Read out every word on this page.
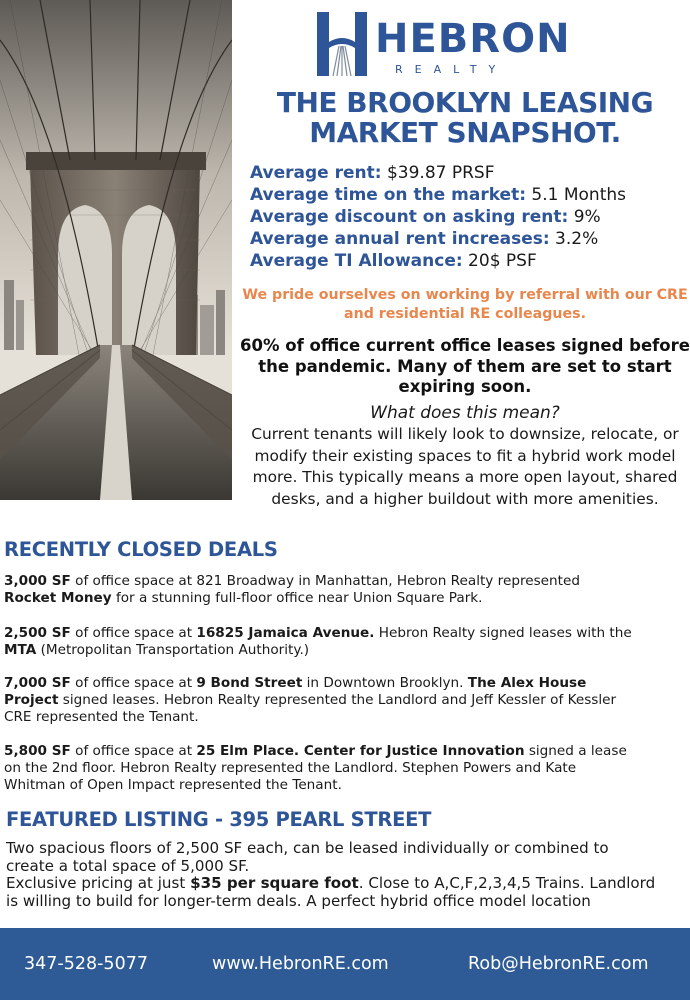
HEBRON
REALTY
THE BROOKLYN LEASING
MARKET SNAPSHOT.
Average rent: $39.87 PRSF
Average time on the market: 5.1 Months
Average discount on asking rent: 9%
Average annual rent increases: 3.2%
Average TI Allowance: 20$ PSF
We pride ourselves on working by referral with our CRE and residential RE colleagues.
60% of office current office leases signed before the pandemic. Many of them are set to start expiring soon.
What does this mean?
Current tenants will likely look to downsize, relocate, or modify their existing spaces to fit a hybrid work model more. This typically means a more open layout, shared desks, and a higher buildout with more amenities.
RECENTLY CLOSED DEALS
3,000 SF of office space at 821 Broadway in Manhattan, Hebron Realty represented
Rocket Money for a stunning full-floor office near Union Square Park.
2,500 SF of office space at 16825 Jamaica Avenue. Hebron Realty signed leases with the
MTA (Metropolitan Transportation Authority.)
7,000 SF of office space at 9 Bond Street in Downtown Brooklyn. The Alex House
Project signed leases. Hebron Realty represented the Landlord and Jeff Kessler of Kessler
CRE represented the Tenant.
5,800 SF of office space at 25 Elm Place. Center for Justice Innovation signed a lease
on the 2nd floor. Hebron Realty represented the Landlord. Stephen Powers and Kate
Whitman of Open Impact represented the Tenant.
FEATURED LISTING - 395 PEARL STREET
Two spacious floors of 2,500 SF each, can be leased individually or combined to
create a total space of 5,000 SF.
Exclusive pricing at just $35 per square foot. Close to A,C,F,2,3,4,5 Trains. Landlord
is willing to build for longer-term deals. A perfect hybrid office model location
347-528-5077	www.HebronRE.com	Rob@HebronRE.com
